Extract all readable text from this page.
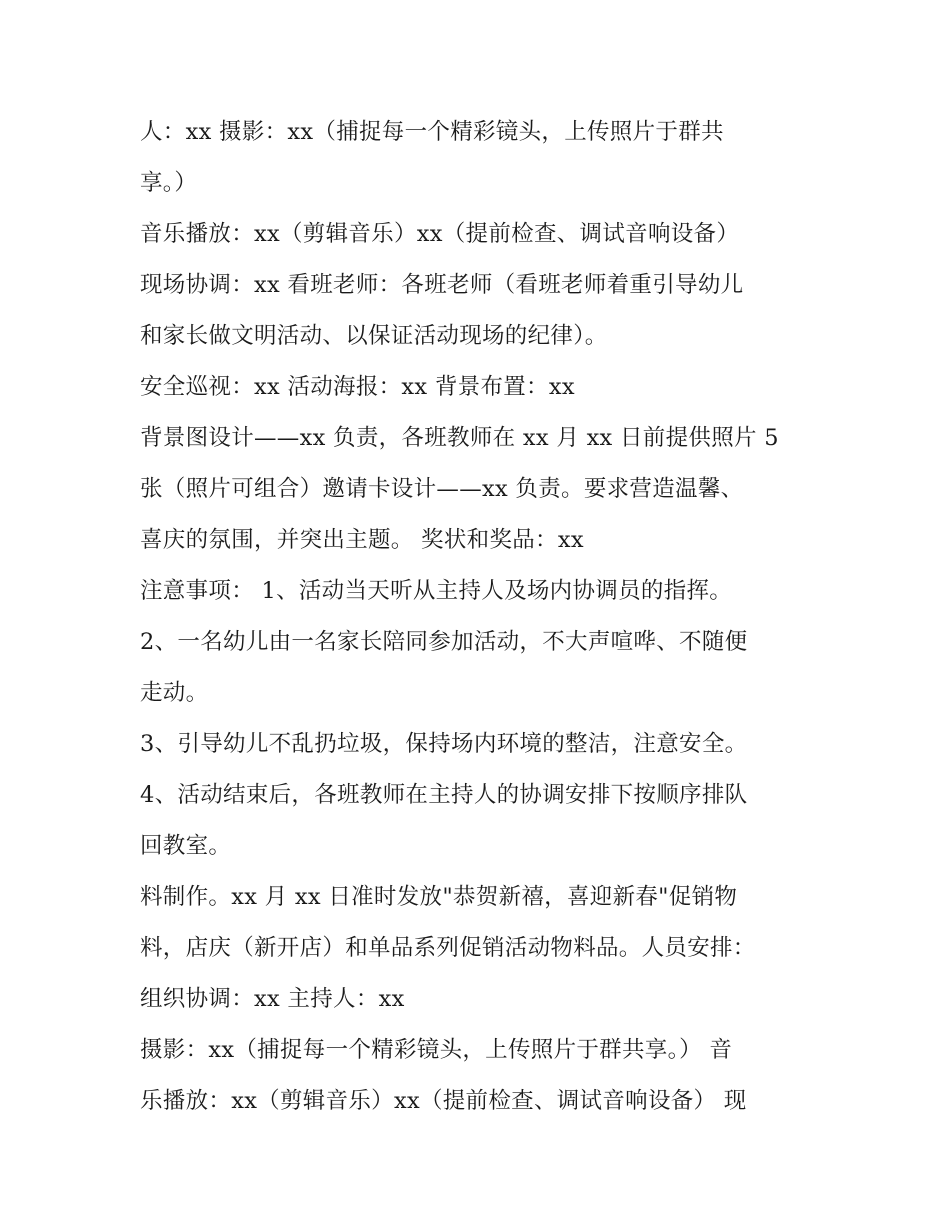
人：xx 摄影：xx（捕捉每一个精彩镜头，上传照片于群共
享。）
音乐播放：xx（剪辑音乐）xx（提前检查、调试音响设备）
现场协调：xx 看班老师：各班老师（看班老师着重引导幼儿
和家长做文明活动、以保证活动现场的纪律）。
安全巡视：xx 活动海报：xx 背景布置：xx
背景图设计——xx 负责，各班教师在 xx 月 xx 日前提供照片 5
张（照片可组合）邀请卡设计——xx 负责。要求营造温馨、
喜庆的氛围，并突出主题。 奖状和奖品：xx
注意事项： 1、活动当天听从主持人及场内协调员的指挥。
2、一名幼儿由一名家长陪同参加活动，不大声喧哗、不随便
走动。
3、引导幼儿不乱扔垃圾，保持场内环境的整洁，注意安全。
4、活动结束后，各班教师在主持人的协调安排下按顺序排队
回教室。
料制作。xx 月 xx 日准时发放"恭贺新禧，喜迎新春"促销物
料，店庆（新开店）和单品系列促销活动物料品。人员安排：
组织协调：xx 主持人：xx
摄影：xx（捕捉每一个精彩镜头，上传照片于群共享。） 音
乐播放：xx（剪辑音乐）xx（提前检查、调试音响设备） 现
